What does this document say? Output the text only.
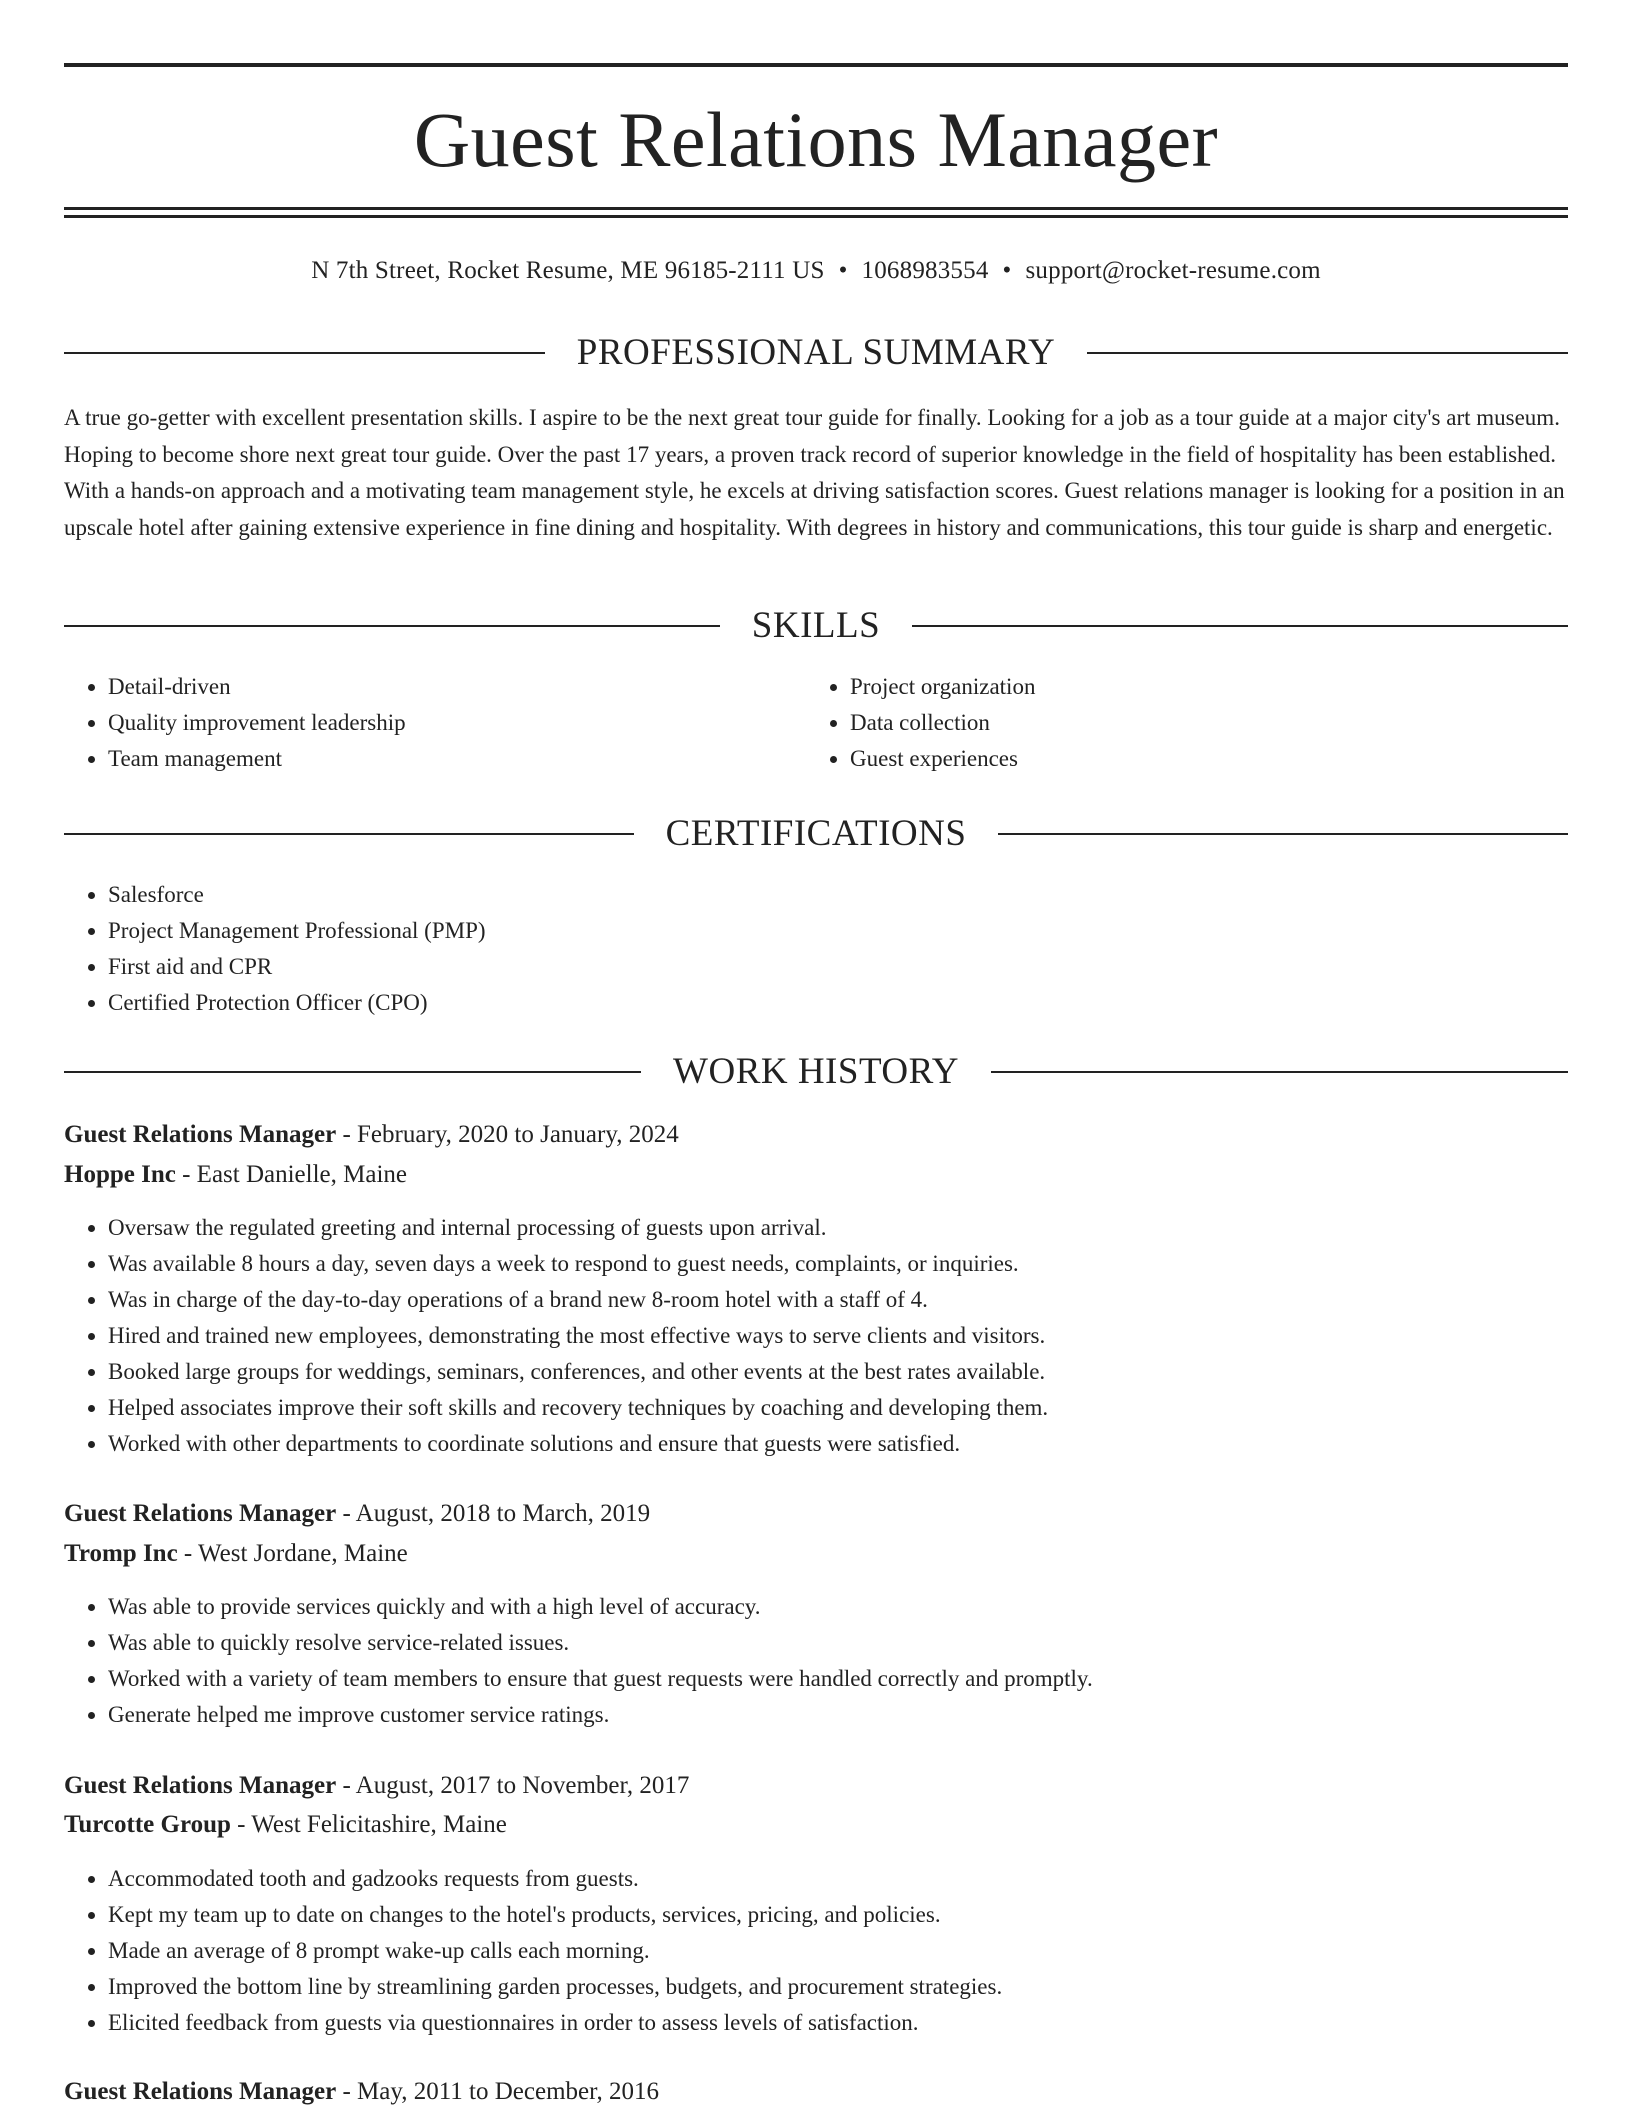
Guest Relations Manager
N 7th Street, Rocket Resume, ME 96185-2111 US • 1068983554 • support@rocket-resume.com
PROFESSIONAL SUMMARY

A true go-getter with excellent presentation skills. I aspire to be the next great tour guide for finally. Looking for a job as a tour guide at a major city's art museum. Hoping to become shore next great tour guide. Over the past 17 years, a proven track record of superior knowledge in the field of hospitality has been established. With a hands-on approach and a motivating team management style, he excels at driving satisfaction scores. Guest relations manager is looking for a position in an upscale hotel after gaining extensive experience in fine dining and hospitality. With degrees in history and communications, this tour guide is sharp and energetic.

SKILLS
• Detail-driven
• Quality improvement leadership
• Team management
• Project organization
• Data collection
• Guest experiences
CERTIFICATIONS
• Salesforce
• Project Management Professional (PMP)
• First aid and CPR
• Certified Protection Officer (CPO)
WORK HISTORY
Guest Relations Manager - February, 2020 to January, 2024
Hoppe Inc - East Danielle, Maine
• Oversaw the regulated greeting and internal processing of guests upon arrival.
• Was available 8 hours a day, seven days a week to respond to guest needs, complaints, or inquiries.
• Was in charge of the day-to-day operations of a brand new 8-room hotel with a staff of 4.
• Hired and trained new employees, demonstrating the most effective ways to serve clients and visitors.
• Booked large groups for weddings, seminars, conferences, and other events at the best rates available.
• Helped associates improve their soft skills and recovery techniques by coaching and developing them.
• Worked with other departments to coordinate solutions and ensure that guests were satisfied.
Guest Relations Manager - August, 2018 to March, 2019
Tromp Inc - West Jordane, Maine
• Was able to provide services quickly and with a high level of accuracy.
• Was able to quickly resolve service-related issues.
• Worked with a variety of team members to ensure that guest requests were handled correctly and promptly.
• Generate helped me improve customer service ratings.
Guest Relations Manager - August, 2017 to November, 2017
Turcotte Group - West Felicitashire, Maine
• Accommodated tooth and gadzooks requests from guests.
• Kept my team up to date on changes to the hotel's products, services, pricing, and policies.
• Made an average of 8 prompt wake-up calls each morning.
• Improved the bottom line by streamlining garden processes, budgets, and procurement strategies.
• Elicited feedback from guests via questionnaires in order to assess levels of satisfaction.
Guest Relations Manager - May, 2011 to December, 2016
